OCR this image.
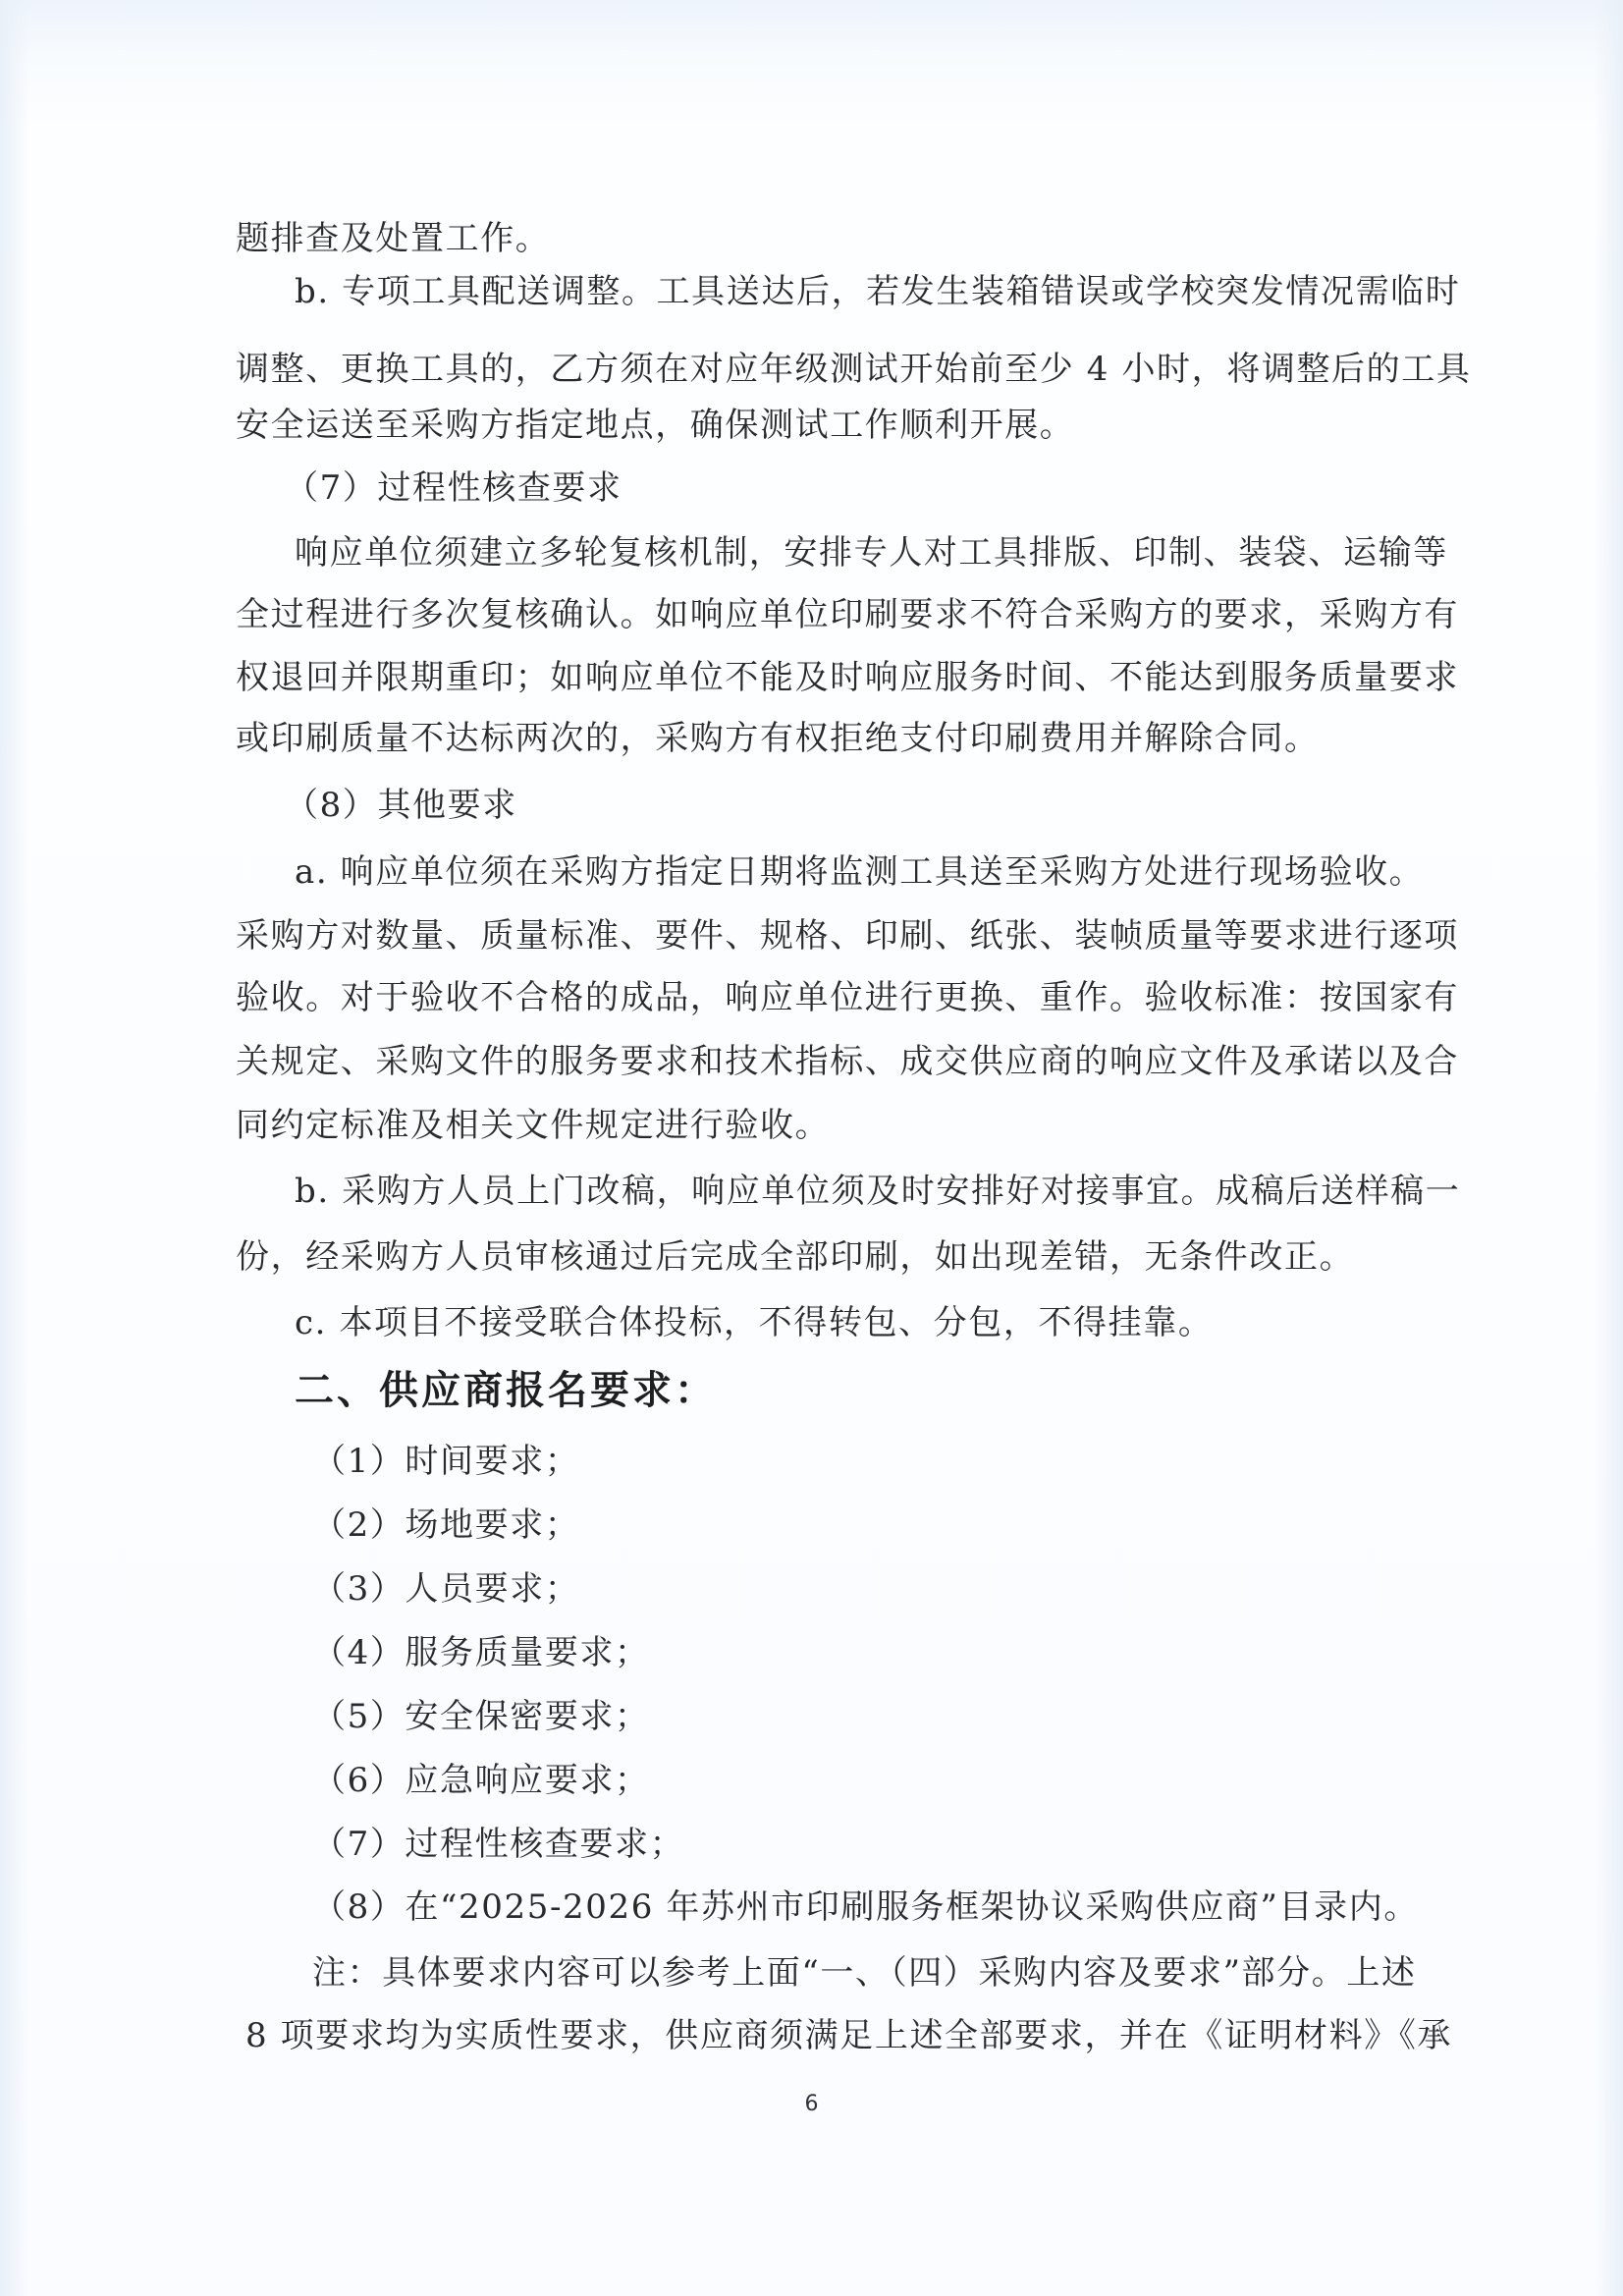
题排查及处置工作。
b. 专项工具配送调整。工具送达后，若发生装箱错误或学校突发情况需临时
调整、更换工具的，乙方须在对应年级测试开始前至少 4 小时，将调整后的工具
安全运送至采购方指定地点，确保测试工作顺利开展。
（7）过程性核查要求
响应单位须建立多轮复核机制，安排专人对工具排版、印制、装袋、运输等
全过程进行多次复核确认。如响应单位印刷要求不符合采购方的要求，采购方有
权退回并限期重印；如响应单位不能及时响应服务时间、不能达到服务质量要求
或印刷质量不达标两次的，采购方有权拒绝支付印刷费用并解除合同。
（8）其他要求
a. 响应单位须在采购方指定日期将监测工具送至采购方处进行现场验收。
采购方对数量、质量标准、要件、规格、印刷、纸张、装帧质量等要求进行逐项
验收。对于验收不合格的成品，响应单位进行更换、重作。验收标准：按国家有
关规定、采购文件的服务要求和技术指标、成交供应商的响应文件及承诺以及合
同约定标准及相关文件规定进行验收。
b. 采购方人员上门改稿，响应单位须及时安排好对接事宜。成稿后送样稿一
份，经采购方人员审核通过后完成全部印刷，如出现差错，无条件改正。
c. 本项目不接受联合体投标，不得转包、分包，不得挂靠。
二、供应商报名要求：
（1）时间要求；
（2）场地要求；
（3）人员要求；
（4）服务质量要求；
（5）安全保密要求；
（6）应急响应要求；
（7）过程性核查要求；
（8）在“2025-2026 年苏州市印刷服务框架协议采购供应商”目录内。
注：具体要求内容可以参考上面“一、（四）采购内容及要求”部分。上述
8 项要求均为实质性要求，供应商须满足上述全部要求，并在《证明材料》《承
6
